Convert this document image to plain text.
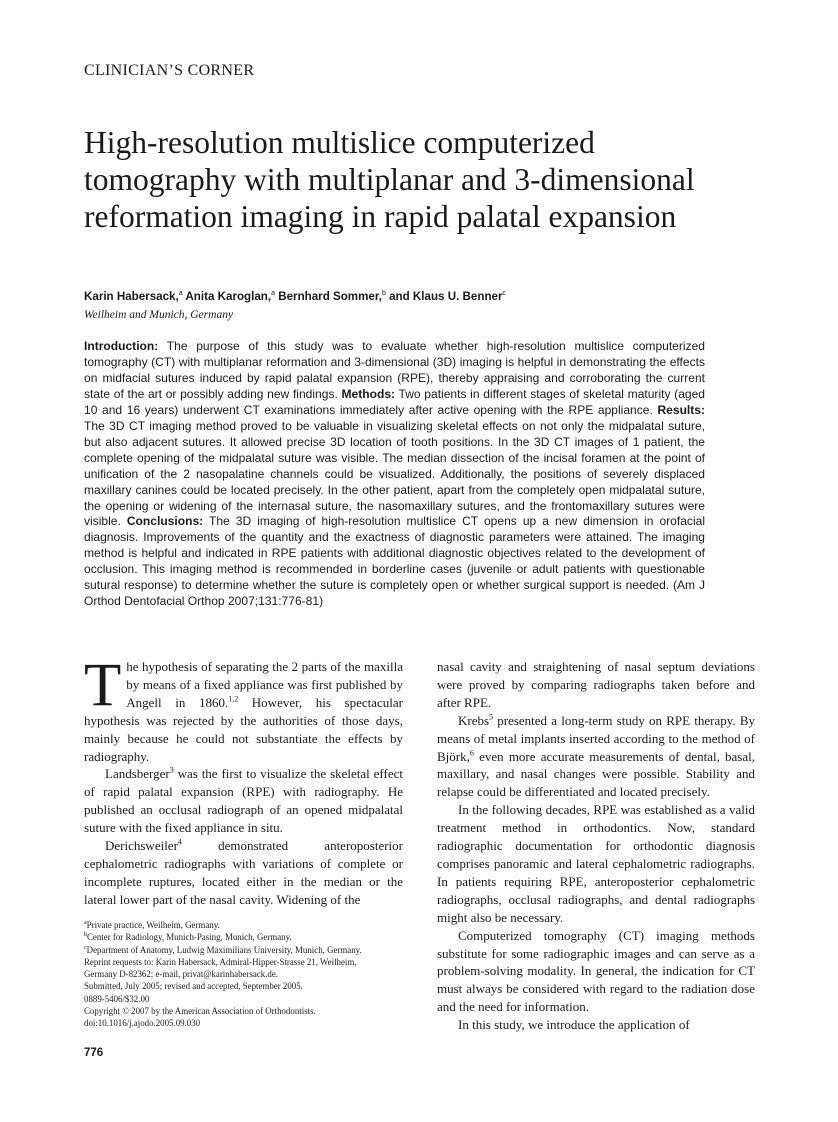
CLINICIAN’S CORNER
High-resolution multislice computerized tomography with multiplanar and 3-dimensional reformation imaging in rapid palatal expansion
Karin Habersack,$^a$ Anita Karoglan,$^a$ Bernhard Sommer,$^b$ and Klaus U. Benner$^c$
Weilheim and Munich, Germany
Introduction: The purpose of this study was to evaluate whether high-resolution multislice computerized tomography (CT) with multiplanar reformation and 3-dimensional (3D) imaging is helpful in demonstrating the effects on midfacial sutures induced by rapid palatal expansion (RPE), thereby appraising and corroborating the current state of the art or possibly adding new findings. Methods: Two patients in different stages of skeletal maturity (aged 10 and 16 years) underwent CT examinations immediately after active opening with the RPE appliance. Results: The 3D CT imaging method proved to be valuable in visualizing skeletal effects on not only the midpalatal suture, but also adjacent sutures. It allowed precise 3D location of tooth positions. In the 3D CT images of 1 patient, the complete opening of the midpalatal suture was visible. The median dissection of the incisal foramen at the point of unification of the 2 nasopalatine channels could be visualized. Additionally, the positions of severely displaced maxillary canines could be located precisely. In the other patient, apart from the completely open midpalatal suture, the opening or widening of the internasal suture, the nasomaxillary sutures, and the frontomaxillary sutures were visible. Conclusions: The 3D imaging of high-resolution multislice CT opens up a new dimension in orofacial diagnosis. Improvements of the quantity and the exactness of diagnostic parameters were attained. The imaging method is helpful and indicated in RPE patients with additional diagnostic objectives related to the development of occlusion. This imaging method is recommended in borderline cases (juvenile or adult patients with questionable sutural response) to determine whether the suture is completely open or whether surgical support is needed. (Am J Orthod Dentofacial Orthop 2007;131:776-81)

The hypothesis of separating the 2 parts of the maxilla by means of a fixed appliance was first published by Angell in 1860.$^{1,2}$ However, his spectacular hypothesis was rejected by the authorities of those days, mainly because he could not substantiate the effects by radiography.

Landsberger$^3$ was the first to visualize the skeletal effect of rapid palatal expansion (RPE) with radiography. He published an occlusal radiograph of an opened midpalatal suture with the fixed appliance in situ.

Derichsweiler$^4$ demonstrated anteroposterior cephalometric radiographs with variations of complete or incomplete ruptures, located either in the median or the lateral lower part of the nasal cavity. Widening of the

nasal cavity and straightening of nasal septum deviations were proved by comparing radiographs taken before and after RPE.

Krebs$^5$ presented a long-term study on RPE therapy. By means of metal implants inserted according to the method of Björk,$^6$ even more accurate measurements of dental, basal, maxillary, and nasal changes were possible. Stability and relapse could be differentiated and located precisely.

In the following decades, RPE was established as a valid treatment method in orthodontics. Now, standard radiographic documentation for orthodontic diagnosis comprises panoramic and lateral cephalometric radiographs. In patients requiring RPE, anteroposterior cephalometric radiographs, occlusal radiographs, and dental radiographs might also be necessary.

Computerized tomography (CT) imaging methods substitute for some radiographic images and can serve as a problem-solving modality. In general, the indication for CT must always be considered with regard to the radiation dose and the need for information.

In this study, we introduce the application of

$^a$Private practice, Weilheim, Germany.
$^b$Center for Radiology, Munich-Pasing, Munich, Germany.
$^c$Department of Anatomy, Ludwig Maximilians University, Munich, Germany.
Reprint requests to: Karin Habersack, Admiral-Hipper-Strasse 21, Weilheim,
Germany D-82362; e-mail, privat@karinhabersack.de.
Submitted, July 2005; revised and accepted, September 2005.
0889-5406/$32.00
Copyright © 2007 by the American Association of Orthodontists.
doi:10.1016/j.ajodo.2005.09.030
776
